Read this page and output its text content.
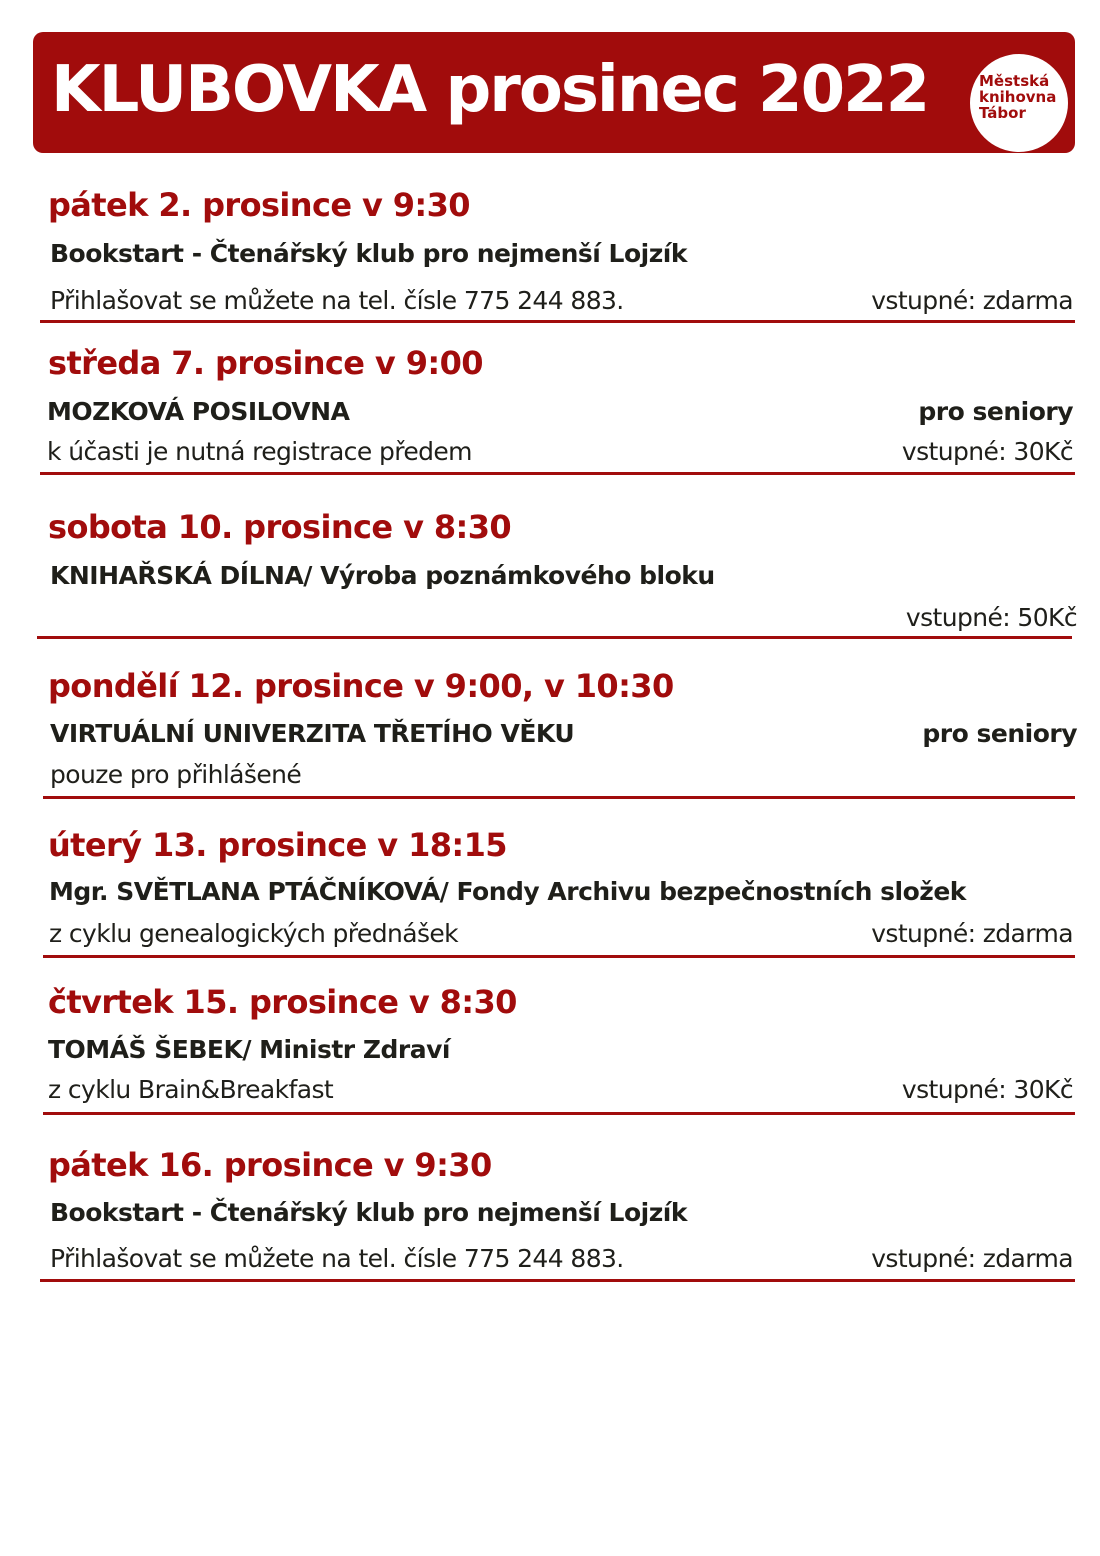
KLUBOVKA prosinec 2022	Městská
knihovna
Tábor
pátek 2. prosince v 9:30
Bookstart - Čtenářský klub pro nejmenší Lojzík
Přihlašovat se můžete na tel. čísle 775 244 883.	vstupné: zdarma
středa 7. prosince v 9:00
MOZKOVÁ POSILOVNA	pro seniory
k účasti je nutná registrace předem	vstupné: 30Kč
sobota 10. prosince v 8:30
KNIHAŘSKÁ DÍLNA/ Výroba poznámkového bloku
vstupné: 50Kč
pondělí 12. prosince v 9:00, v 10:30
VIRTUÁLNÍ UNIVERZITA TŘETÍHO VĚKU	pro seniory
pouze pro přihlášené
úterý 13. prosince v 18:15
Mgr. SVĚTLANA PTÁČNÍKOVÁ/ Fondy Archivu bezpečnostních složek
z cyklu genealogických přednášek	vstupné: zdarma
čtvrtek 15. prosince v 8:30
TOMÁŠ ŠEBEK/ Ministr Zdraví
z cyklu Brain&Breakfast	vstupné: 30Kč
pátek 16. prosince v 9:30
Bookstart - Čtenářský klub pro nejmenší Lojzík
Přihlašovat se můžete na tel. čísle 775 244 883.	vstupné: zdarma
